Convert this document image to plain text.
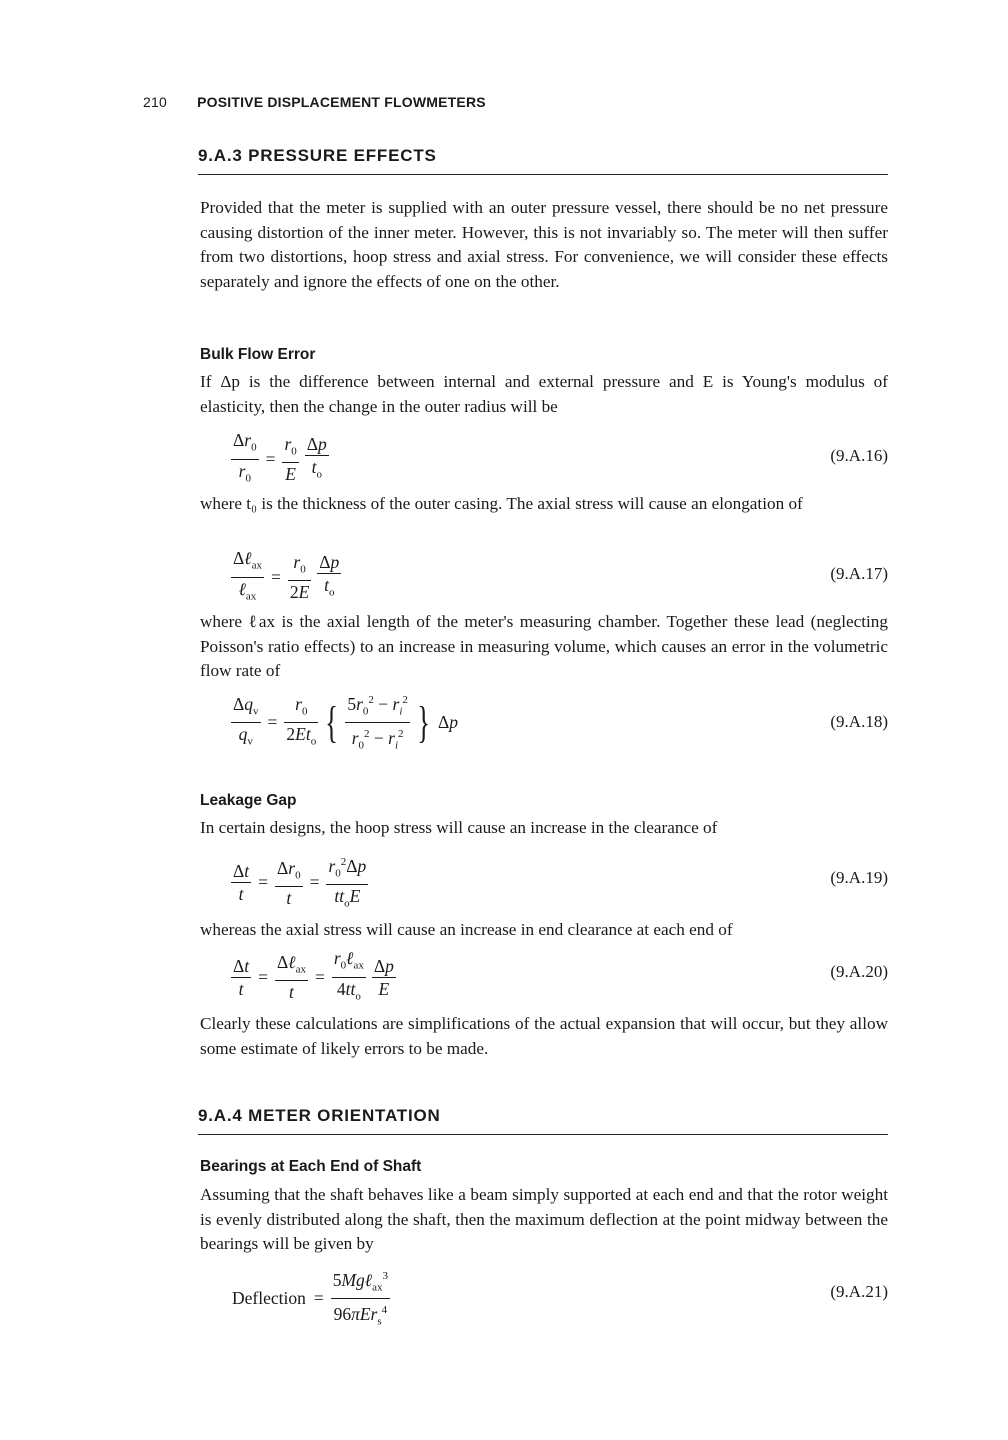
210 POSITIVE DISPLACEMENT FLOWMETERS
9.A.3 PRESSURE EFFECTS
Provided that the meter is supplied with an outer pressure vessel, there should be no net pressure causing distortion of the inner meter. However, this is not invariably so. The meter will then suffer from two distortions, hoop stress and axial stress. For convenience, we will consider these effects separately and ignore the effects of one on the other.
Bulk Flow Error
If Δp is the difference between internal and external pressure and E is Young's modulus of elasticity, then the change in the outer radius will be
$\frac{\Delta r_0}{r_0} = \frac{r_0}{E} \frac{\Delta p}{t_o}$	(9.A.16)
where t₀ is the thickness of the outer casing. The axial stress will cause an elongation of
$\frac{\Delta\ell_{ax}}{\ell_{ax}} = \frac{r_0}{2E} \frac{\Delta p}{t_o}$	(9.A.17)
where ℓax is the axial length of the meter's measuring chamber. Together these lead (neglecting Poisson's ratio effects) to an increase in measuring volume, which causes an error in the volumetric flow rate of
$\frac{\Delta q_v}{q_v} = \frac{r_0}{2Et_o}$ { $\frac{5r_0^2 - r_i^2}{r_0^2 - r_i^2}$ } Δp	(9.A.18)
Leakage Gap
In certain designs, the hoop stress will cause an increase in the clearance of
$\frac{\Delta t}{t} = \frac{\Delta r_0}{t} = \frac{r_0^2\Delta p}{tt_oE}$	(9.A.19)
whereas the axial stress will cause an increase in end clearance at each end of
$\frac{\Delta t}{t} = \frac{\Delta\ell_{ax}}{t} = \frac{r_0\ell_{ax}}{4tt_o} \frac{\Delta p}{E}$	(9.A.20)
Clearly these calculations are simplifications of the actual expansion that will occur, but they allow some estimate of likely errors to be made.
9.A.4 METER ORIENTATION
Bearings at Each End of Shaft
Assuming that the shaft behaves like a beam simply supported at each end and that the rotor weight is evenly distributed along the shaft, then the maximum deflection at the point midway between the bearings will be given by
Deflection = $\frac{5Mg\ell_{ax}^3}{96\pi Er_s^4}$	(9.A.21)
